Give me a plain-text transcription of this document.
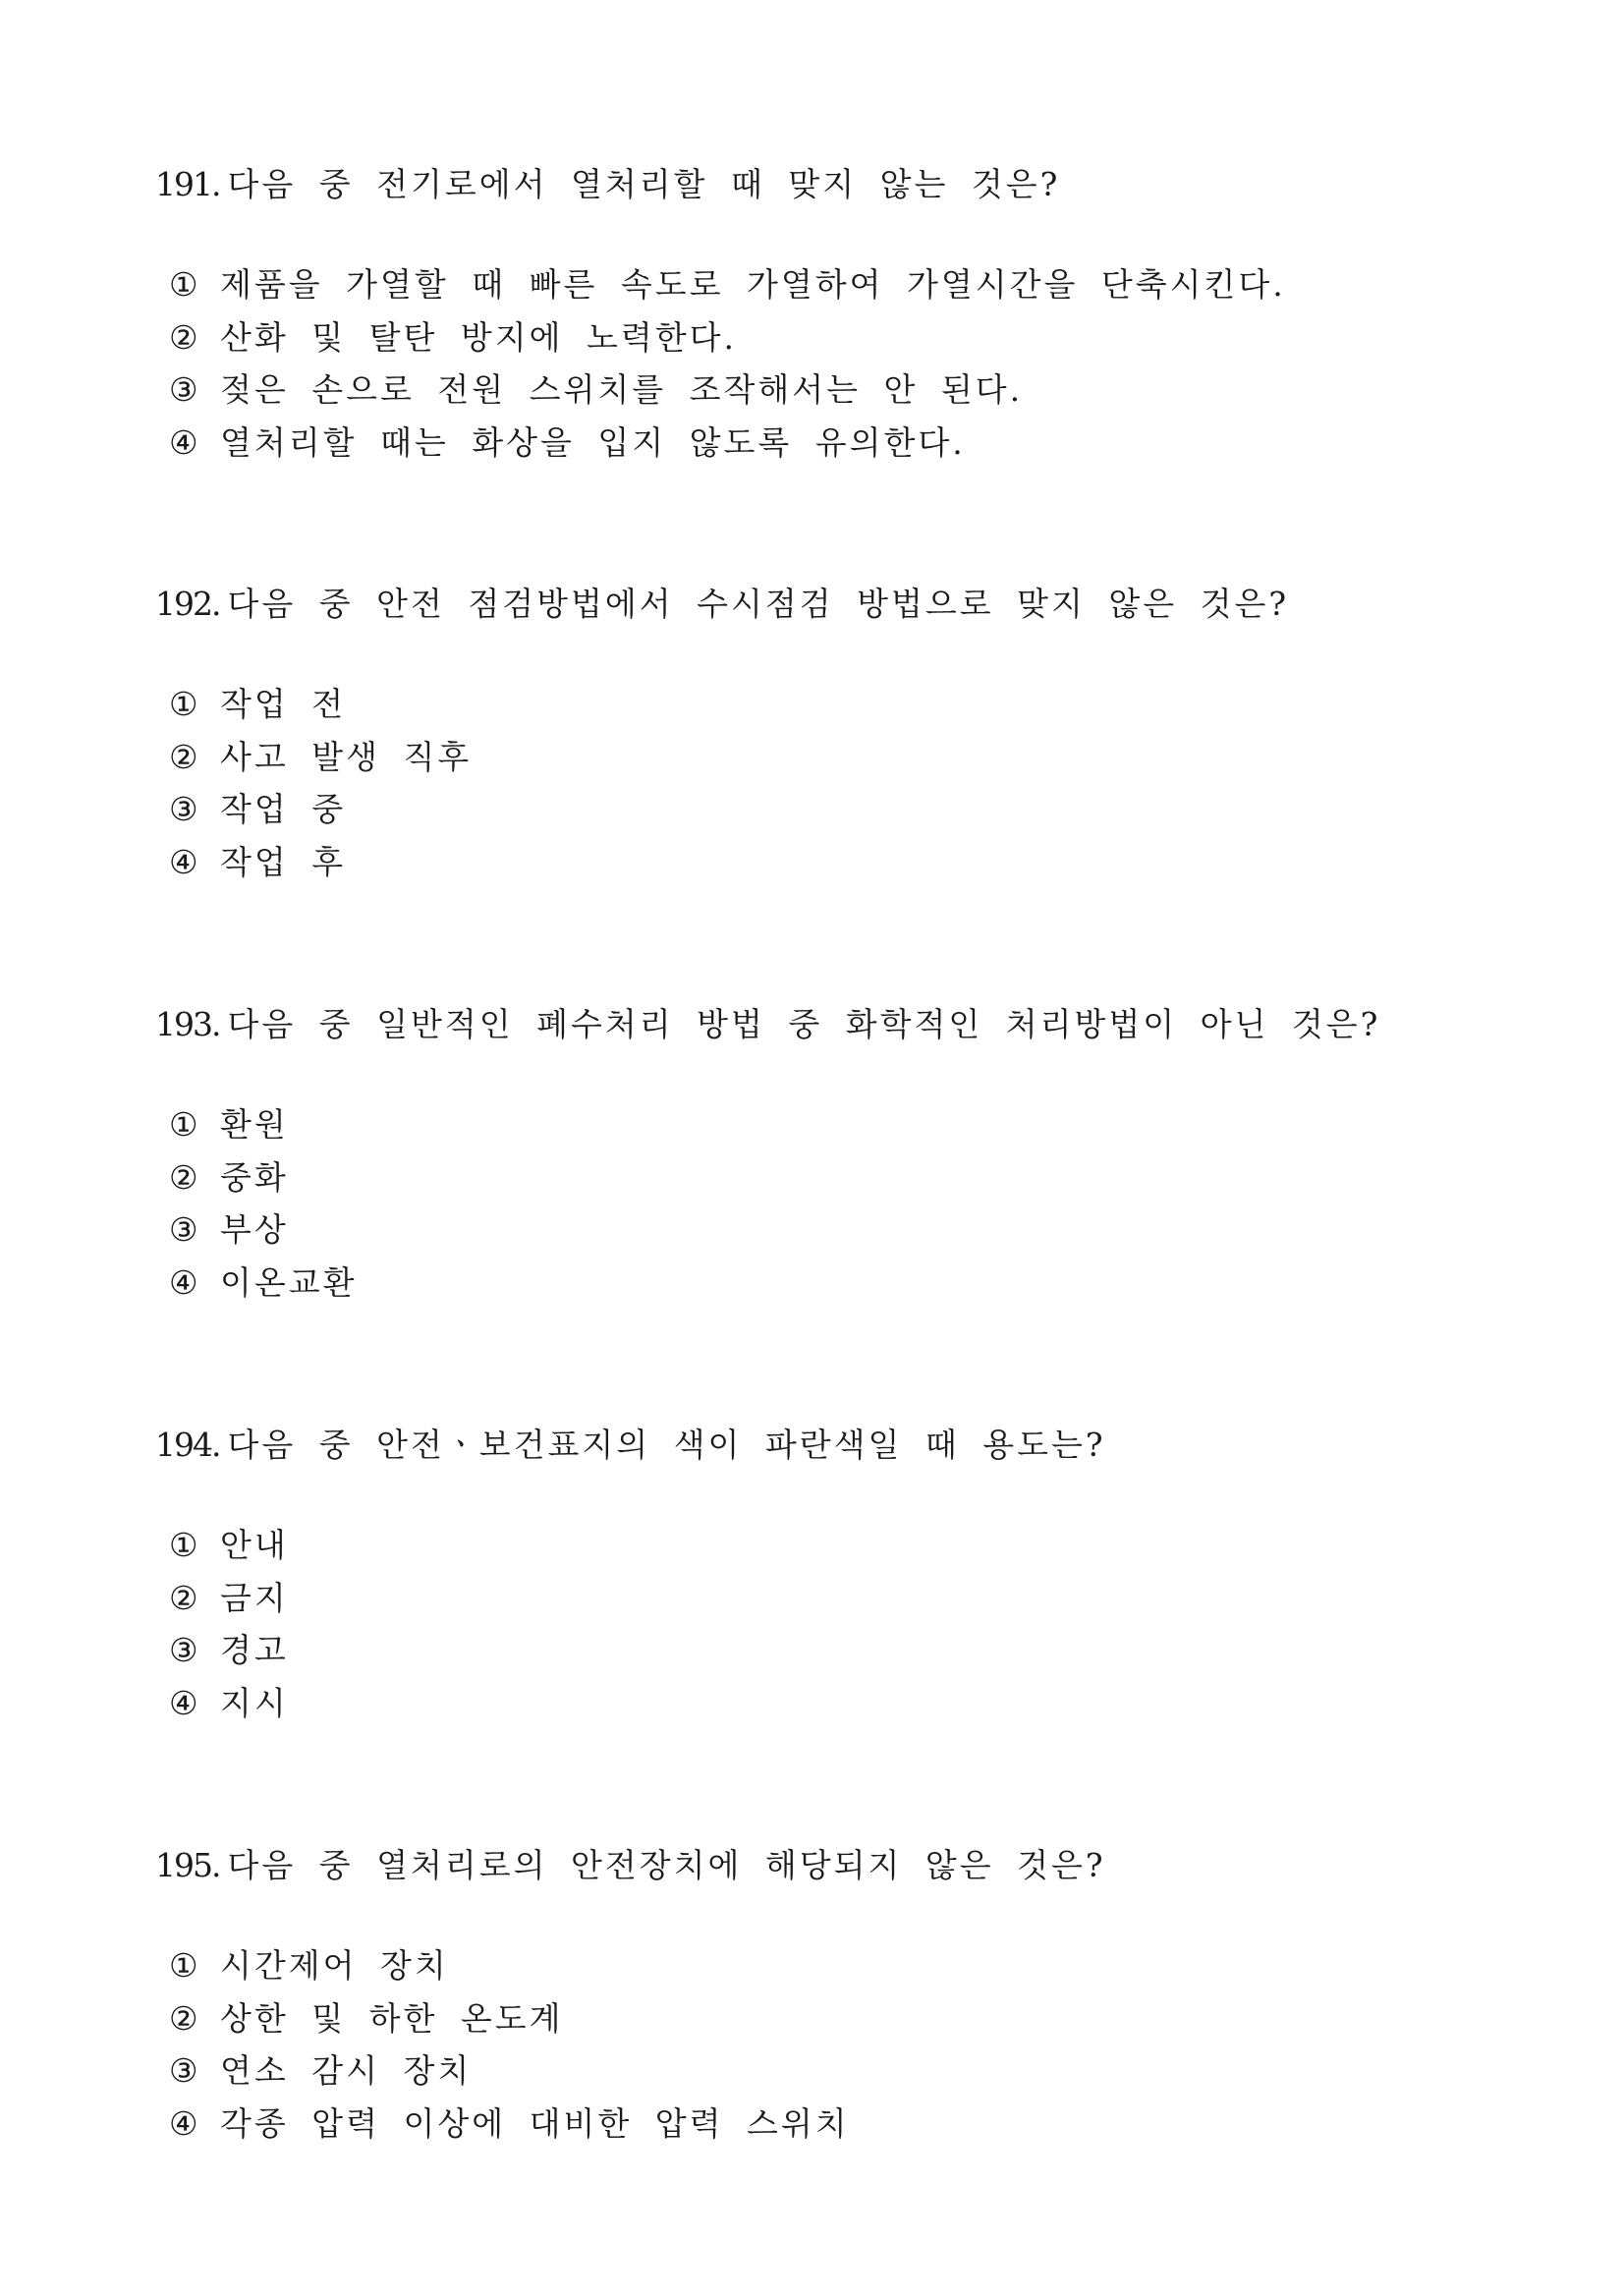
191. 다음 중 전기로에서 열처리할 때 맞지 않는 것은?
① 제품을 가열할 때 빠른 속도로 가열하여 가열시간을 단축시킨다.
② 산화 및 탈탄 방지에 노력한다.
③ 젖은 손으로 전원 스위치를 조작해서는 안 된다.
④ 열처리할 때는 화상을 입지 않도록 유의한다.
192. 다음 중 안전 점검방법에서 수시점검 방법으로 맞지 않은 것은?
① 작업 전
② 사고 발생 직후
③ 작업 중
④ 작업 후
193. 다음 중 일반적인 폐수처리 방법 중 화학적인 처리방법이 아닌 것은?
① 환원
② 중화
③ 부상
④ 이온교환
194. 다음 중 안전ㆍ보건표지의 색이 파란색일 때 용도는?
① 안내
② 금지
③ 경고
④ 지시
195. 다음 중 열처리로의 안전장치에 해당되지 않은 것은?
① 시간제어 장치
② 상한 및 하한 온도계
③ 연소 감시 장치
④ 각종 압력 이상에 대비한 압력 스위치
